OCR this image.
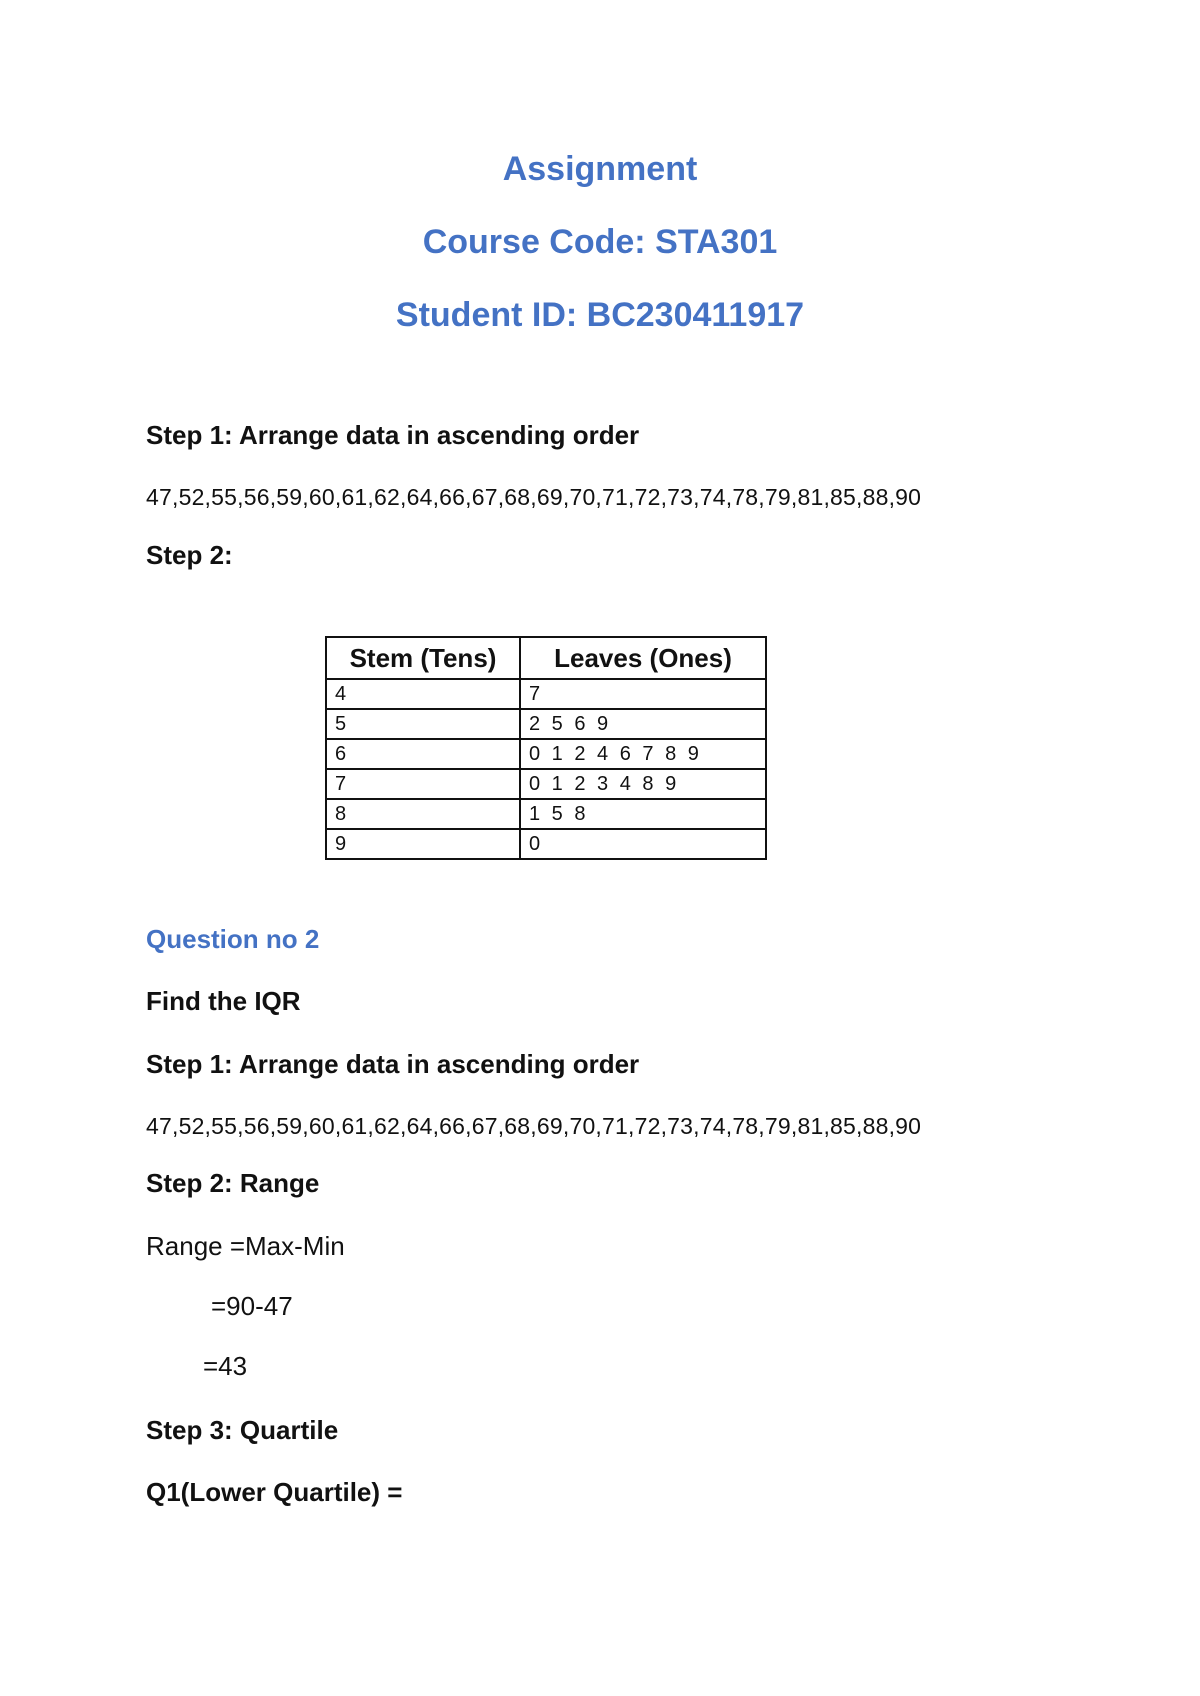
Assignment
Course Code: STA301
Student ID: BC230411917
Step 1: Arrange data in ascending order
47,52,55,56,59,60,61,62,64,66,67,68,69,70,71,72,73,74,78,79,81,85,88,90
Step 2:
Stem (Tens)	Leaves (Ones)
4	7
5	2 5 6 9
6	0 1 2 4 6 7 8 9
7	0 1 2 3 4 8 9
8	1 5 8
9	0
Question no 2
Find the IQR
Step 1: Arrange data in ascending order
47,52,55,56,59,60,61,62,64,66,67,68,69,70,71,72,73,74,78,79,81,85,88,90
Step 2: Range
Range =Max-Min
=90-47
=43
Step 3: Quartile
Q1(Lower Quartile) =
